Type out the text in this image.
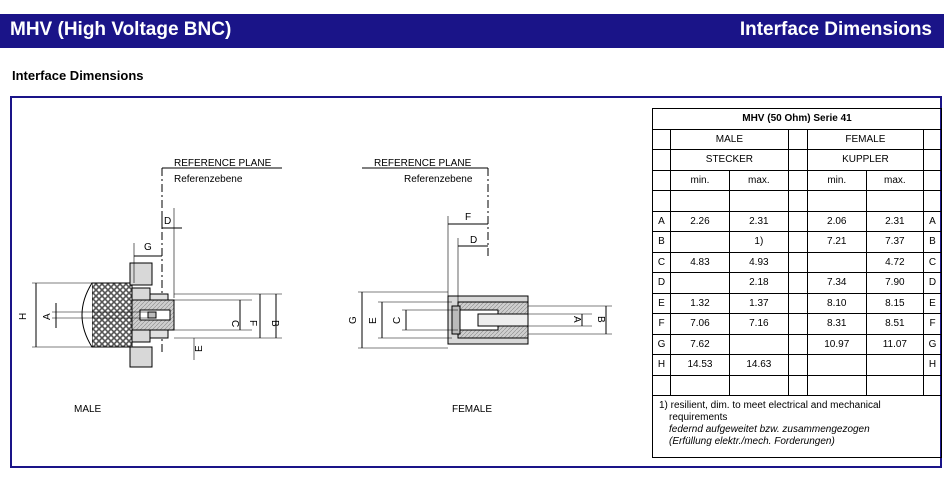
MHV (High Voltage BNC)	Interface Dimensions
Interface Dimensions
REFERENCE PLANE
Referenzebene
H A
G
D
C F B
E
MALE
REFERENCE PLANE
Referenzebene
F
D
G E C	A B
FEMALE
MHV (50 Ohm) Serie 41						
	MALE			FEMALE		
	STECKER			KUPPLER		
	min.	max.		min.	max.	

A	2.26	2.31		2.06	2.31	A
B		1)		7.21	7.37	B
C	4.83	4.93			4.72	C
D		2.18		7.34	7.90	D
E	1.32	1.37		8.10	8.15	E
F	7.06	7.16		8.31	8.51	F
G	7.62			10.97	11.07	G
H	14.53	14.63				H

1) resilient, dim. to meet electrical and mechanical
requirements
federnd aufgeweitet bzw. zusammengezogen
(Erfüllung elektr./mech. Forderungen)
